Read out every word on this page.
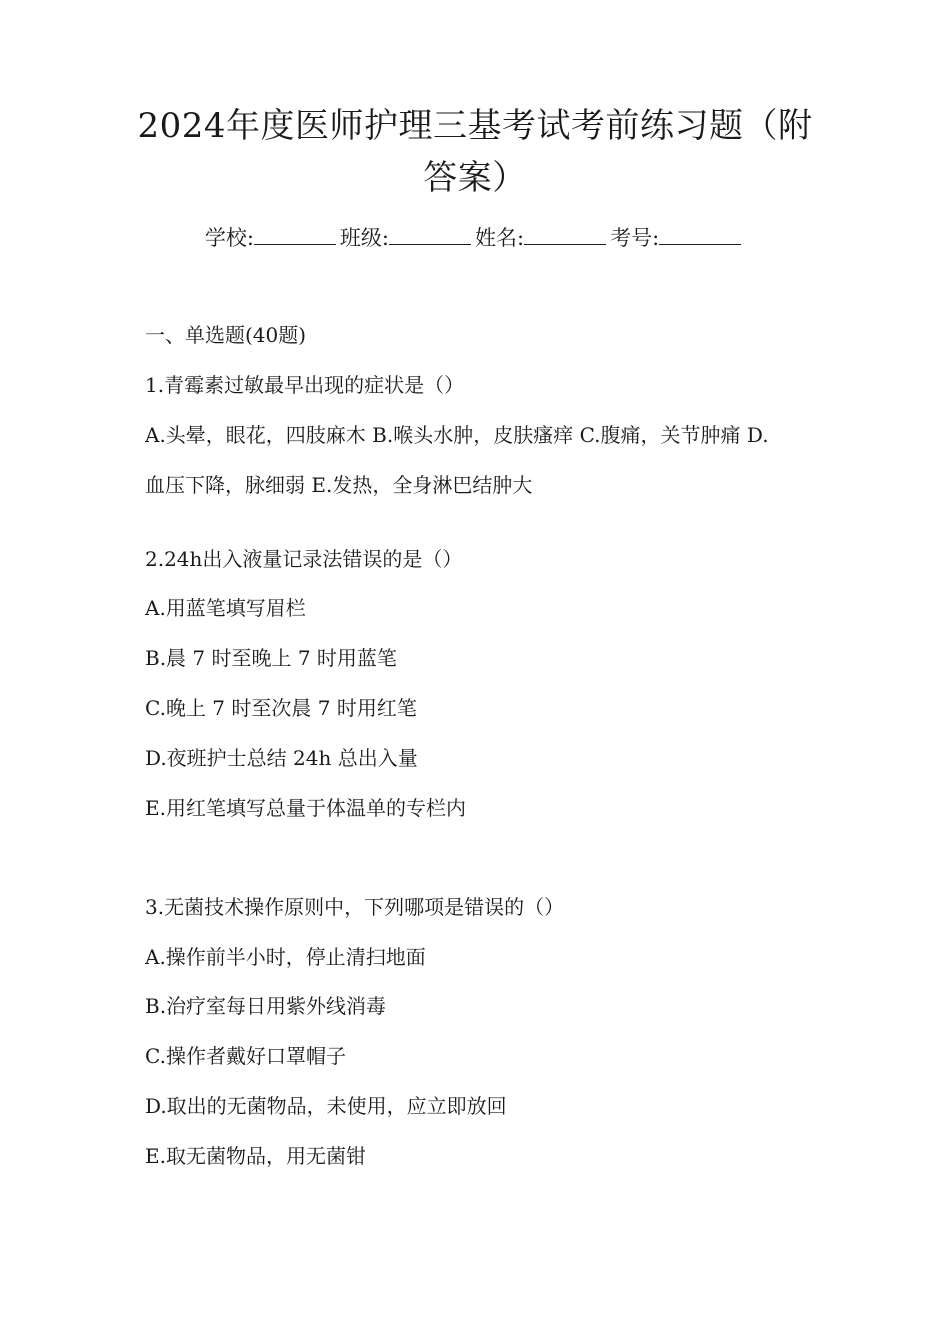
2024年度医师护理三基考试考前练习题（附
答案）
学校:	班级:	姓名:	考号:
一、单选题(40题)
1.青霉素过敏最早出现的症状是（）
A.头晕，眼花，四肢麻木 B.喉头水肿，皮肤瘙痒 C.腹痛，关节肿痛 D.
血压下降，脉细弱 E.发热，全身淋巴结肿大
2.24h出入液量记录法错误的是（）
A.用蓝笔填写眉栏
B.晨 7 时至晚上 7 时用蓝笔
C.晚上 7 时至次晨 7 时用红笔
D.夜班护士总结 24h 总出入量
E.用红笔填写总量于体温单的专栏内
3.无菌技术操作原则中，下列哪项是错误的（）
A.操作前半小时，停止清扫地面
B.治疗室每日用紫外线消毒
C.操作者戴好口罩帽子
D.取出的无菌物品，未使用，应立即放回
E.取无菌物品，用无菌钳
